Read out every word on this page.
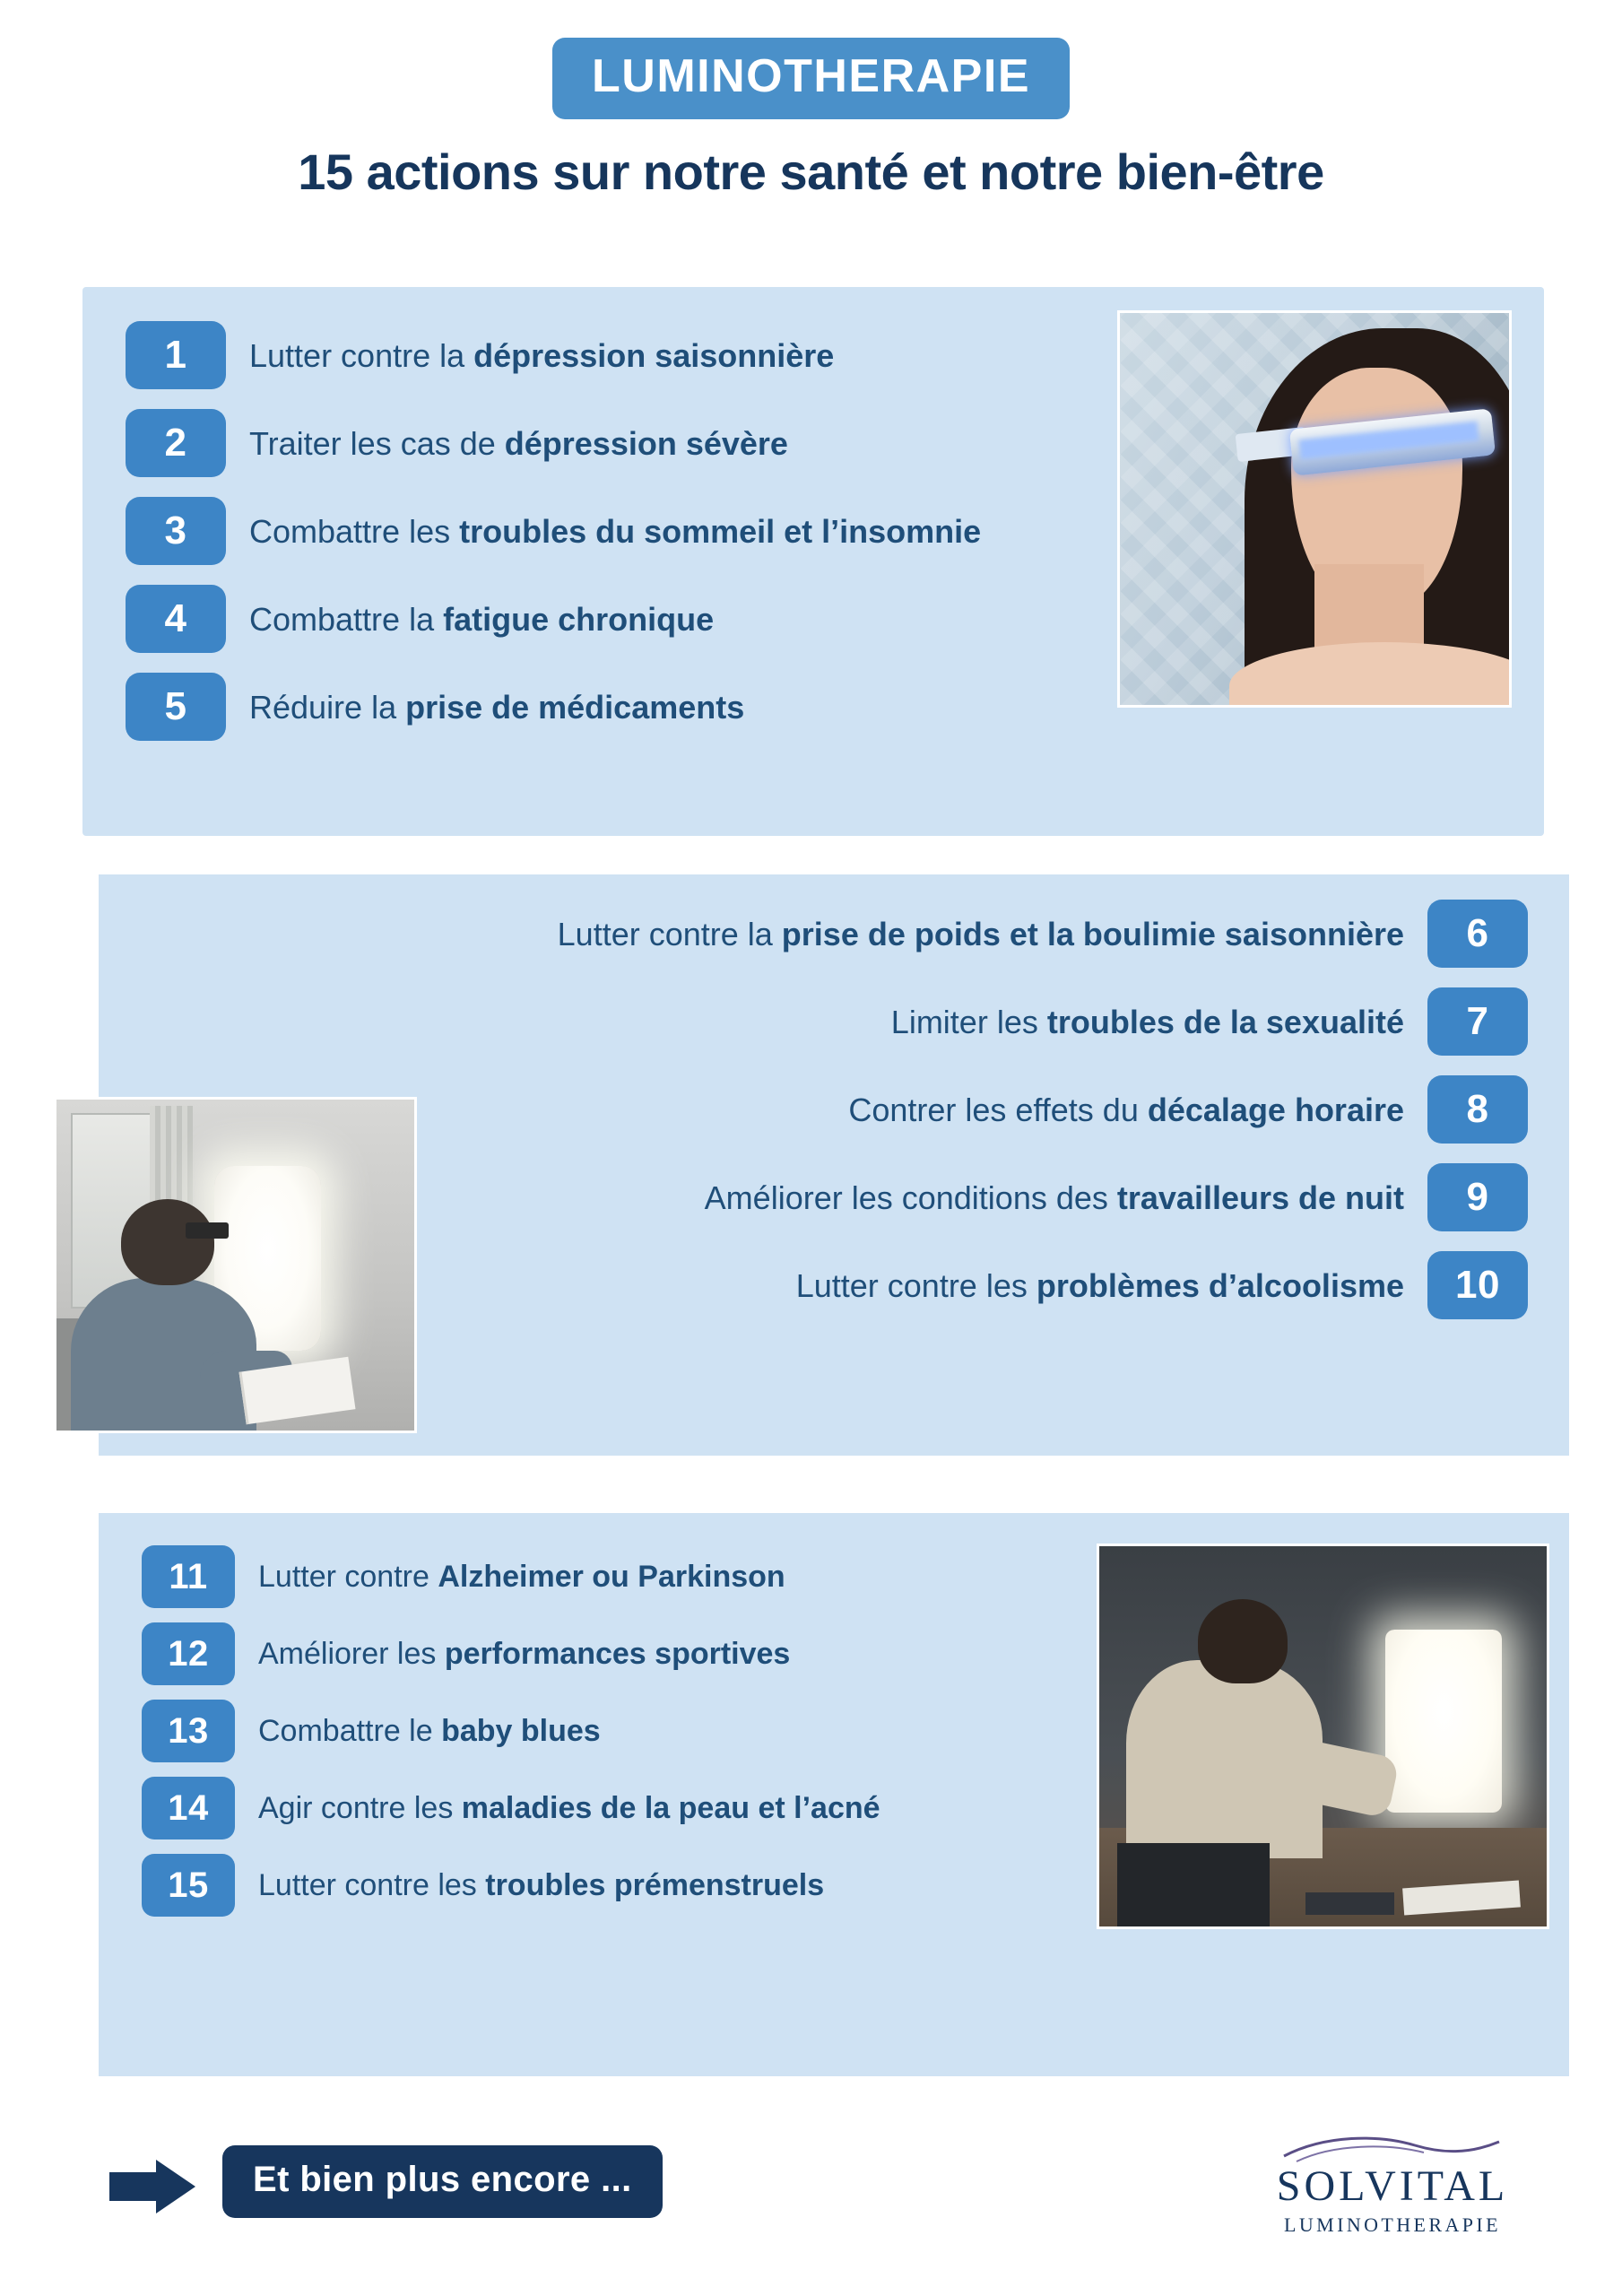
LUMINOTHERAPIE
15 actions sur notre santé et notre bien-être
1	Lutter contre la dépression saisonnière
2	Traiter les cas de dépression sévère
3	Combattre les troubles du sommeil et l’insomnie
4	Combattre la fatigue chronique
5	Réduire la prise de médicaments
Lutter contre la prise de poids et la boulimie saisonnière	6
Limiter les troubles de la sexualité	7
Contrer les effets du décalage horaire	8
Améliorer les conditions des travailleurs de nuit	9
Lutter contre les problèmes d’alcoolisme	10
11	Lutter contre Alzheimer ou Parkinson
12	Améliorer les performances sportives
13	Combattre le baby blues
14	Agir contre les maladies de la peau et l’acné
15	Lutter contre les troubles prémenstruels
Et bien plus encore ...	SOLVITAL
LUMINOTHERAPIE
